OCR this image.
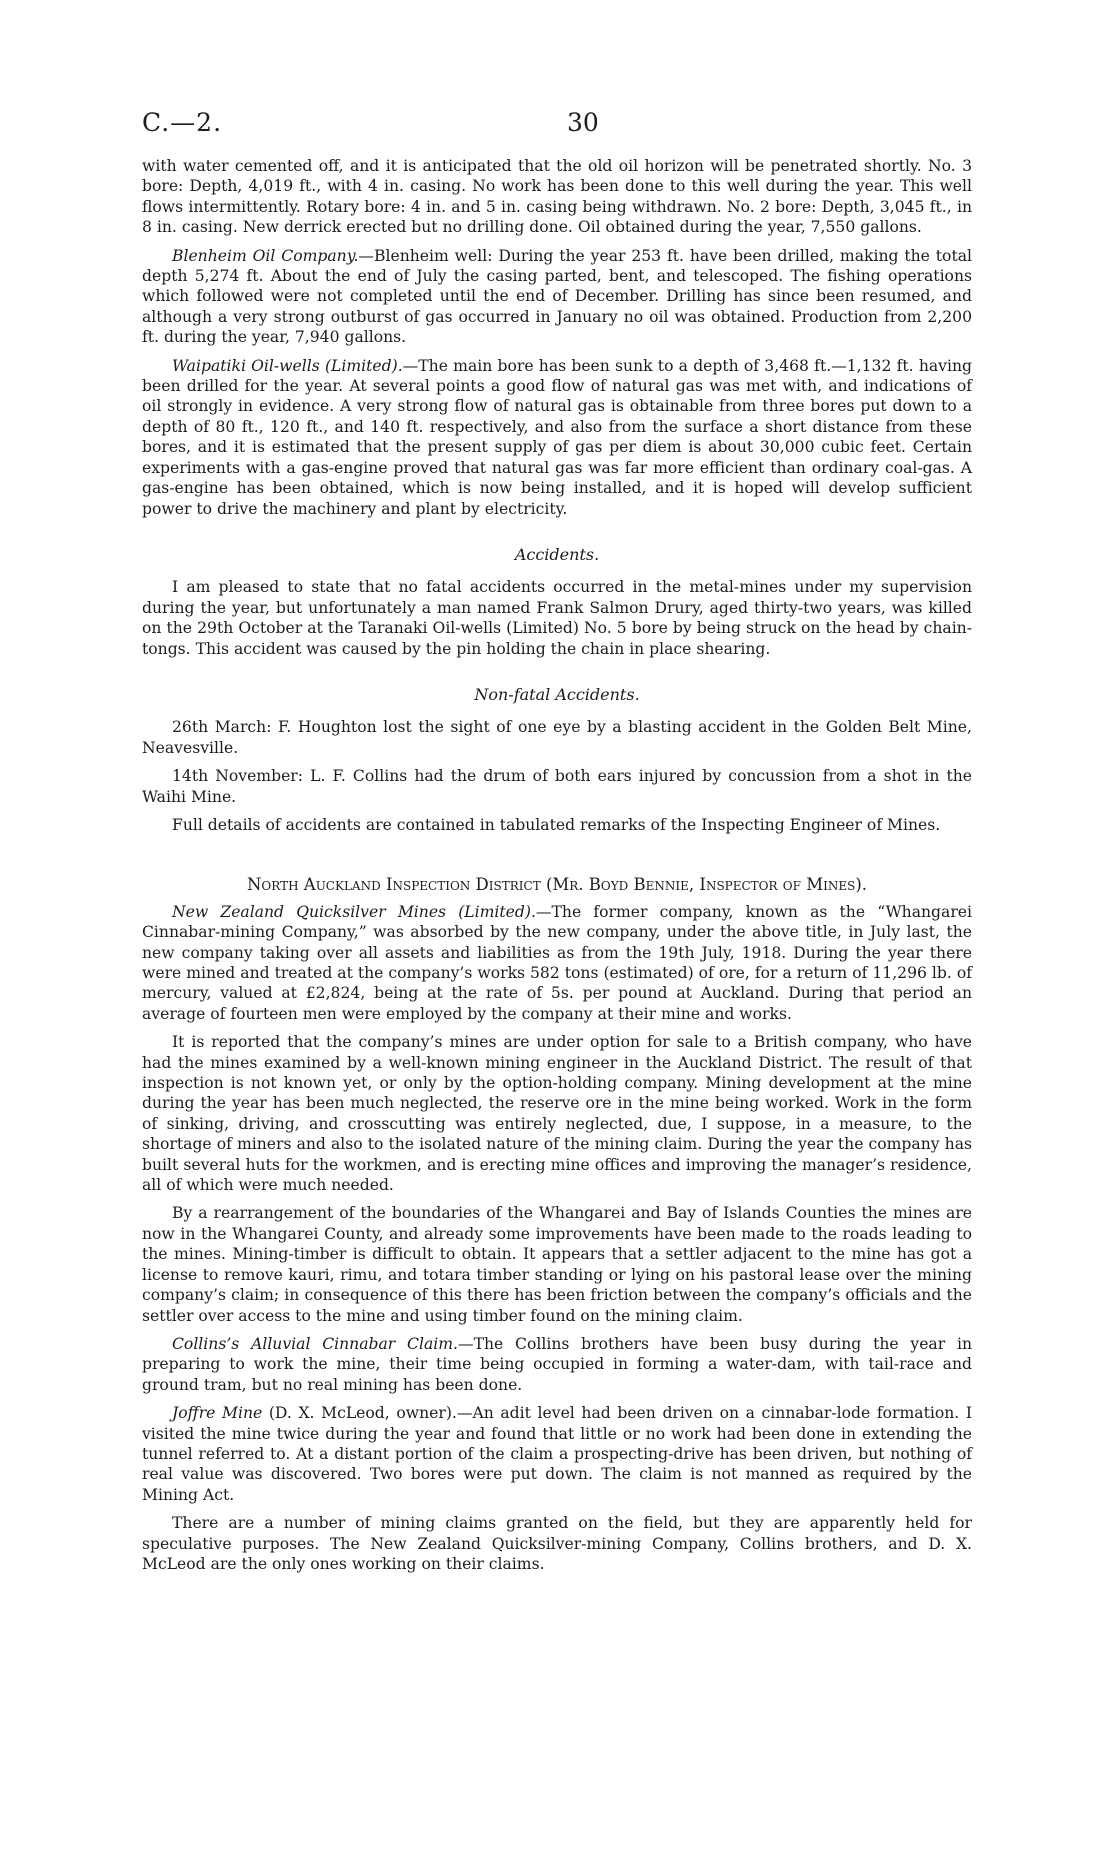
C.—2.	30

with water cemented off, and it is anticipated that the old oil horizon will be penetrated shortly. No. 3 bore: Depth, 4,019 ft., with 4 in. casing. No work has been done to this well during the year. This well flows intermittently. Rotary bore: 4 in. and 5 in. casing being withdrawn. No. 2 bore: Depth, 3,045 ft., in 8 in. casing. New derrick erected but no drilling done. Oil obtained during the year, 7,550 gallons.

Blenheim Oil Company.—Blenheim well: During the year 253 ft. have been drilled, making the total depth 5,274 ft. About the end of July the casing parted, bent, and telescoped. The fishing operations which followed were not completed until the end of December. Drilling has since been resumed, and although a very strong outburst of gas occurred in January no oil was obtained. Production from 2,200 ft. during the year, 7,940 gallons.

Waipatiki Oil-wells (Limited).—The main bore has been sunk to a depth of 3,468 ft.—1,132 ft. having been drilled for the year. At several points a good flow of natural gas was met with, and indications of oil strongly in evidence. A very strong flow of natural gas is obtainable from three bores put down to a depth of 80 ft., 120 ft., and 140 ft. respectively, and also from the surface a short distance from these bores, and it is estimated that the present supply of gas per diem is about 30,000 cubic feet. Certain experiments with a gas-engine proved that natural gas was far more efficient than ordinary coal-gas. A gas-engine has been obtained, which is now being installed, and it is hoped will develop sufficient power to drive the machinery and plant by electricity.

Accidents.

I am pleased to state that no fatal accidents occurred in the metal-mines under my supervision during the year, but unfortunately a man named Frank Salmon Drury, aged thirty-two years, was killed on the 29th October at the Taranaki Oil-wells (Limited) No. 5 bore by being struck on the head by chain-tongs. This accident was caused by the pin holding the chain in place shearing.

Non-fatal Accidents.

26th March: F. Houghton lost the sight of one eye by a blasting accident in the Golden Belt Mine, Neavesville.

14th November: L. F. Collins had the drum of both ears injured by concussion from a shot in the Waihi Mine.

Full details of accidents are contained in tabulated remarks of the Inspecting Engineer of Mines.

North Auckland Inspection District (Mr. Boyd Bennie, Inspector of Mines).

New Zealand Quicksilver Mines (Limited).—The former company, known as the “Whangarei Cinnabar-mining Company,” was absorbed by the new company, under the above title, in July last, the new company taking over all assets and liabilities as from the 19th July, 1918. During the year there were mined and treated at the company’s works 582 tons (estimated) of ore, for a return of 11,296 lb. of mercury, valued at £2,824, being at the rate of 5s. per pound at Auckland. During that period an average of fourteen men were employed by the company at their mine and works.

It is reported that the company’s mines are under option for sale to a British company, who have had the mines examined by a well-known mining engineer in the Auckland District. The result of that inspection is not known yet, or only by the option-holding company. Mining development at the mine during the year has been much neglected, the reserve ore in the mine being worked. Work in the form of sinking, driving, and crosscutting was entirely neglected, due, I suppose, in a measure, to the shortage of miners and also to the isolated nature of the mining claim. During the year the company has built several huts for the workmen, and is erecting mine offices and improving the manager’s residence, all of which were much needed.

By a rearrangement of the boundaries of the Whangarei and Bay of Islands Counties the mines are now in the Whangarei County, and already some improvements have been made to the roads leading to the mines. Mining-timber is difficult to obtain. It appears that a settler adjacent to the mine has got a license to remove kauri, rimu, and totara timber standing or lying on his pastoral lease over the mining company’s claim; in consequence of this there has been friction between the company’s officials and the settler over access to the mine and using timber found on the mining claim.

Collins’s Alluvial Cinnabar Claim.—The Collins brothers have been busy during the year in preparing to work the mine, their time being occupied in forming a water-dam, with tail-race and ground tram, but no real mining has been done.

Joffre Mine (D. X. McLeod, owner).—An adit level had been driven on a cinnabar-lode formation. I visited the mine twice during the year and found that little or no work had been done in extending the tunnel referred to. At a distant portion of the claim a prospecting-drive has been driven, but nothing of real value was discovered. Two bores were put down. The claim is not manned as required by the Mining Act.

There are a number of mining claims granted on the field, but they are apparently held for speculative purposes. The New Zealand Quicksilver-mining Company, Collins brothers, and D. X. McLeod are the only ones working on their claims.
